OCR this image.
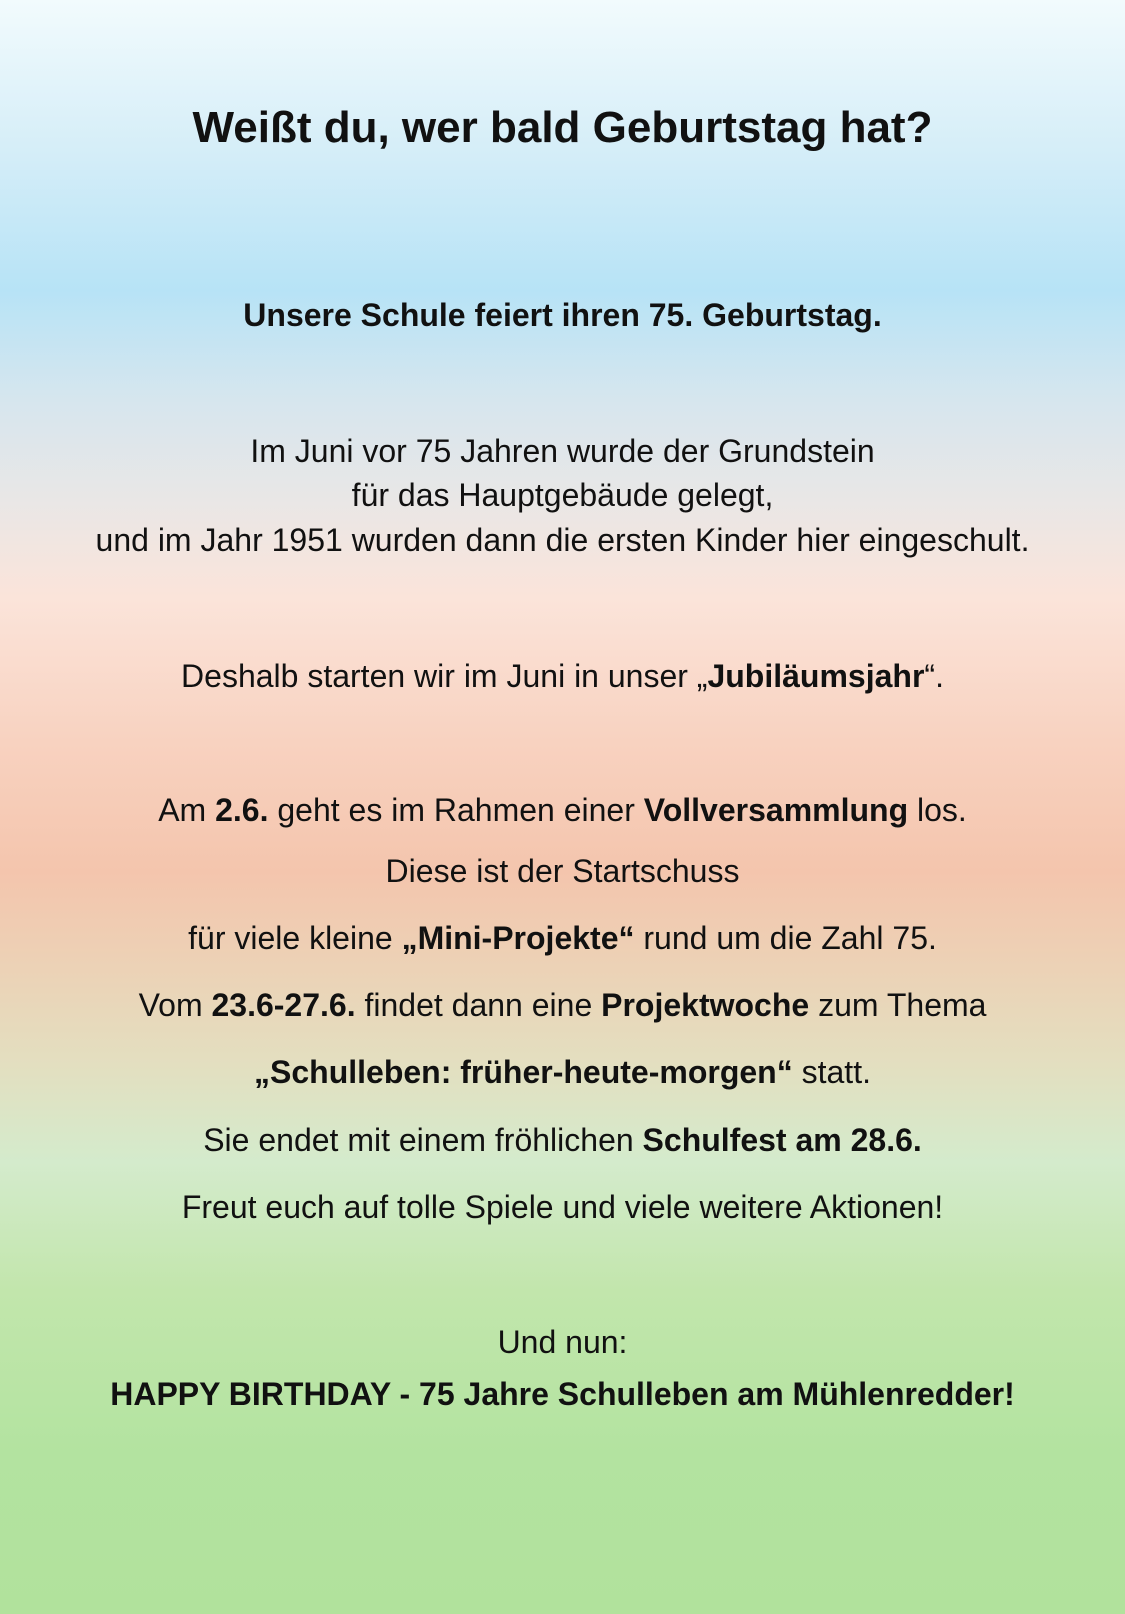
Weißt du, wer bald Geburtstag hat?
Unsere Schule feiert ihren 75. Geburtstag.
Im Juni vor 75 Jahren wurde der Grundstein
für das Hauptgebäude gelegt,
und im Jahr 1951 wurden dann die ersten Kinder hier eingeschult.
Deshalb starten wir im Juni in unser „Jubiläumsjahr“.
Am 2.6. geht es im Rahmen einer Vollversammlung los.
Diese ist der Startschuss
für viele kleine „Mini-Projekte“ rund um die Zahl 75.
Vom 23.6-27.6. findet dann eine Projektwoche zum Thema
„Schulleben: früher-heute-morgen“ statt.
Sie endet mit einem fröhlichen Schulfest am 28.6.
Freut euch auf tolle Spiele und viele weitere Aktionen!
Und nun:
HAPPY BIRTHDAY - 75 Jahre Schulleben am Mühlenredder!
